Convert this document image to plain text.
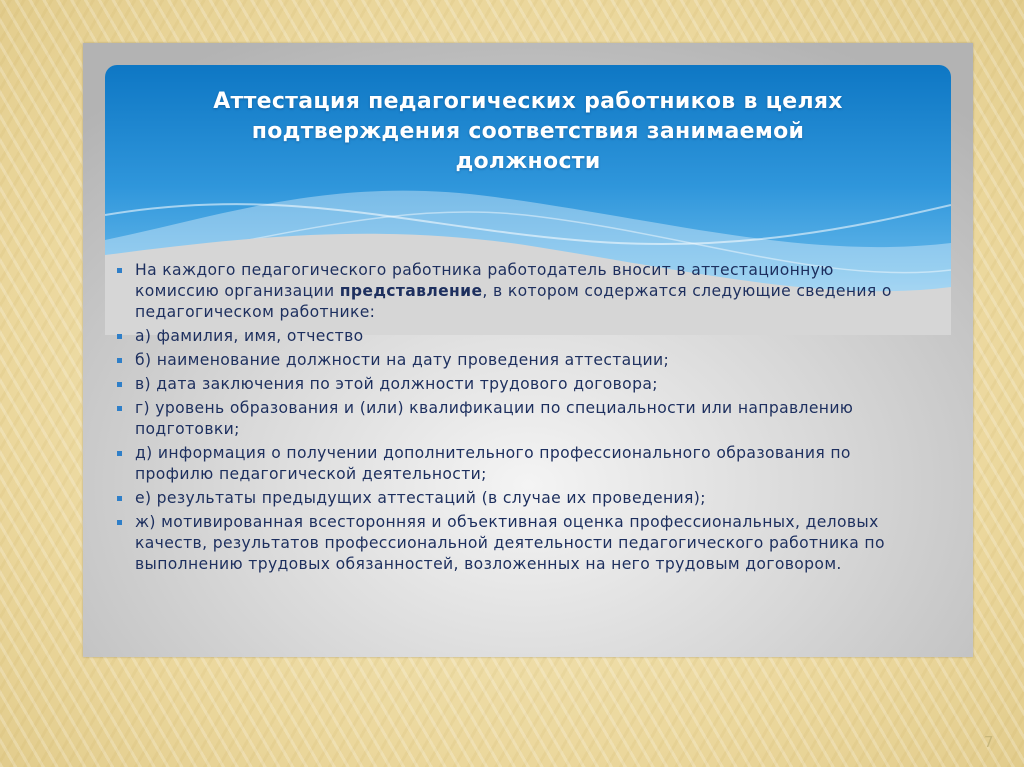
Аттестация педагогических работников в целях
подтверждения соответствия занимаемой
должности
На каждого педагогического работника работодатель вносит в аттестационную комиссию организации представление, в котором содержатся следующие сведения о педагогическом работнике:
а) фамилия, имя, отчество
б) наименование должности на дату проведения аттестации;
в) дата заключения по этой должности трудового договора;
г) уровень образования и (или) квалификации по специальности или направлению подготовки;
д) информация о получении дополнительного профессионального образования по профилю педагогической деятельности;
е) результаты предыдущих аттестаций (в случае их проведения);
ж) мотивированная всесторонняя и объективная оценка профессиональных, деловых качеств, результатов профессиональной деятельности педагогического работника по выполнению трудовых обязанностей, возложенных на него трудовым договором.
7
